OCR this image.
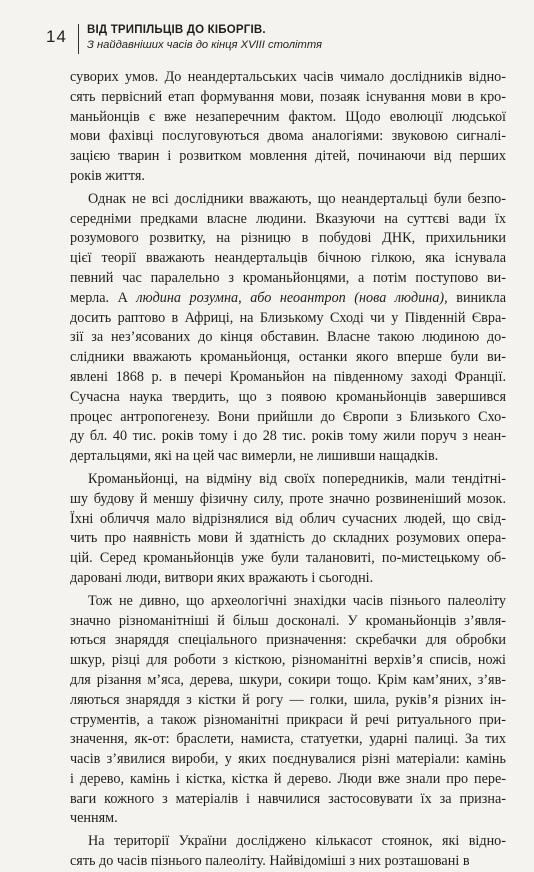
14 ВІД ТРИПІЛЬЦІВ ДО КІБОРГІВ.
З найдавніших часів до кінця XVIII століття

суворих умов. До неандертальських часів чимало дослідників відно-
сять первісний етап формування мови, позаяк існування мови в кро-
маньйонців є вже незаперечним фактом. Щодо еволюції людської
мови фахівці послуговуються двома аналогіями: звуковою сигналі-
зацією тварин і розвитком мовлення дітей, починаючи від перших
років життя.

Однак не всі дослідники вважають, що неандертальці були безпо-
середніми предками власне людини. Вказуючи на суттєві вади їх
розумового розвитку, на різницю в побудові ДНК, прихильники
цієї теорії вважають неандертальців бічною гілкою, яка існувала
певний час паралельно з кроманьйонцями, а потім поступово ви-
мерла. А людина розумна, або неоантроп (нова людина), виникла
досить раптово в Африці, на Близькому Сході чи у Південній Євра-
зії за нез’ясованих до кінця обставин. Власне такою людиною до-
слідники вважають кроманьйонця, останки якого вперше були ви-
явлені 1868 р. в печері Кроманьйон на південному заході Франції.
Сучасна наука твердить, що з появою кроманьйонців завершився
процес антропогенезу. Вони прийшли до Європи з Близького Схо-
ду бл. 40 тис. років тому і до 28 тис. років тому жили поруч з неан-
дертальцями, які на цей час вимерли, не лишивши нащадків.

Кроманьйонці, на відміну від своїх попередників, мали тендітні-
шу будову й меншу фізичну силу, проте значно розвиненіший мозок.
Їхні обличчя мало відрізнялися від облич сучасних людей, що свід-
чить про наявність мови й здатність до складних розумових опера-
цій. Серед кроманьйонців уже були талановиті, по-мистецькому об-
даровані люди, витвори яких вражають і сьогодні.

Тож не дивно, що археологічні знахідки часів пізнього палеоліту
значно різноманітніші й більш досконалі. У кроманьйонців з’явля-
ються знаряддя спеціального призначення: скребачки для обробки
шкур, різці для роботи з кісткою, різноманітні верхів’я списів, ножі
для різання м’яса, дерева, шкури, сокири тощо. Крім кам’яних, з’яв-
ляються знаряддя з кістки й рогу — голки, шила, руків’я різних ін-
струментів, а також різноманітні прикраси й речі ритуального при-
значення, як-от: браслети, намиста, статуетки, ударні палиці. За тих
часів з’явилися вироби, у яких поєднувалися різні матеріали: камінь
і дерево, камінь і кістка, кістка й дерево. Люди вже знали про пере-
ваги кожного з матеріалів і навчилися застосовувати їх за призна-
ченням.

На території України досліджено кількасот стоянок, які відно-
сять до часів пізнього палеоліту. Найвідоміші з них розташовані в
